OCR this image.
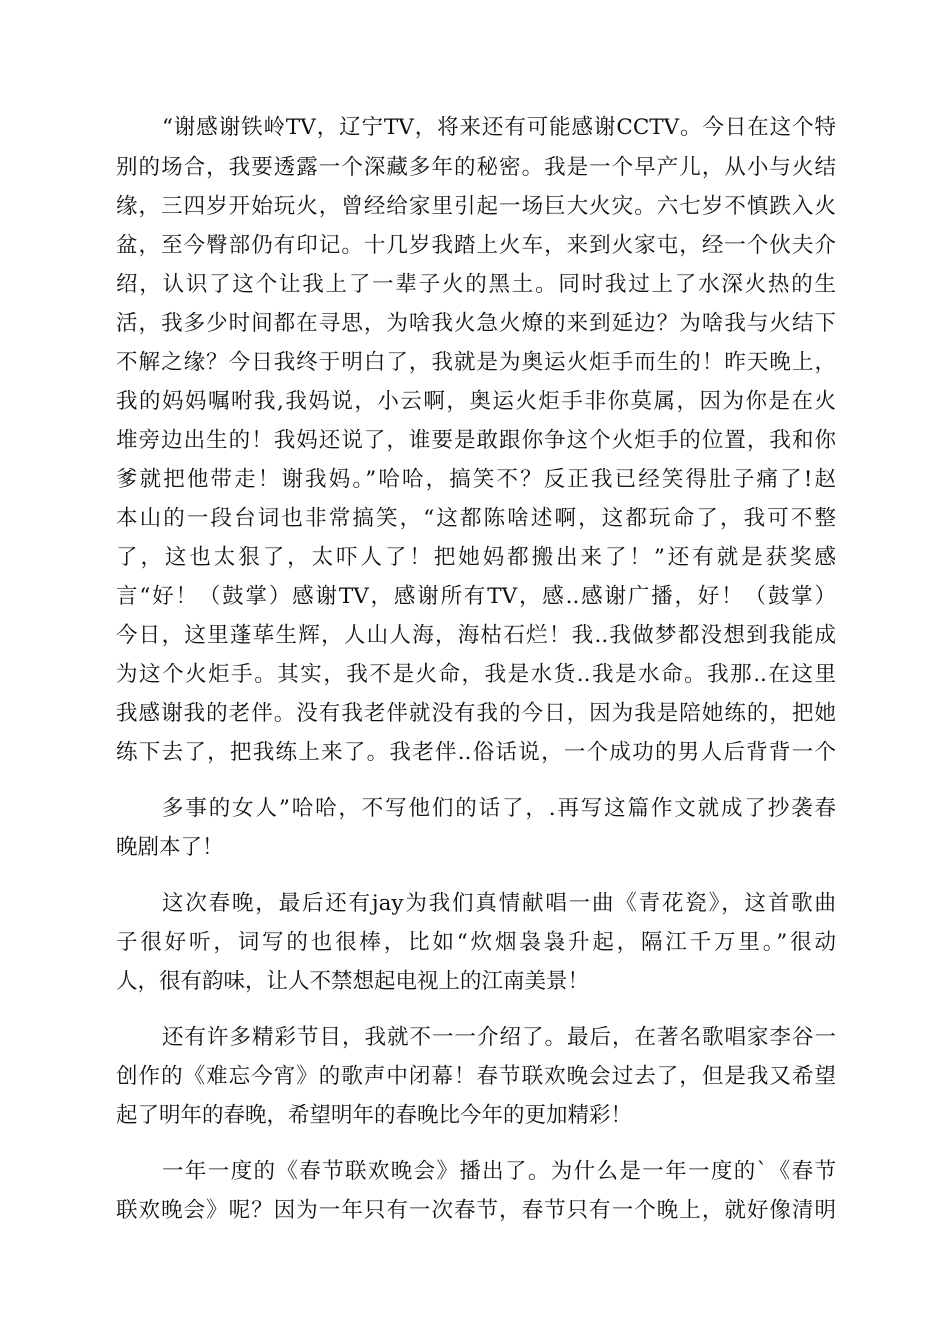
“谢感谢铁岭TV，辽宁TV，将来还有可能感谢CCTV。今日在这个特
别的场合，我要透露一个深藏多年的秘密。我是一个早产儿，从小与火结
缘，三四岁开始玩火，曾经给家里引起一场巨大火灾。六七岁不慎跌入火
盆，至今臀部仍有印记。十几岁我踏上火车，来到火家屯，经一个伙夫介
绍，认识了这个让我上了一辈子火的黑土。同时我过上了水深火热的生
活，我多少时间都在寻思，为啥我火急火燎的来到延边？为啥我与火结下
不解之缘？今日我终于明白了，我就是为奥运火炬手而生的！昨天晚上，
我的妈妈嘱咐我,我妈说，小云啊，奥运火炬手非你莫属，因为你是在火
堆旁边出生的！我妈还说了，谁要是敢跟你争这个火炬手的位置，我和你
爹就把他带走！谢我妈。”哈哈，搞笑不？反正我已经笑得肚子痛了!赵
本山的一段台词也非常搞笑，“这都陈啥述啊，这都玩命了，我可不整
了，这也太狠了，太吓人了！把她妈都搬出来了！”还有就是获奖感
言“好！（鼓掌）感谢TV，感谢所有TV，感..感谢广播，好！（鼓掌）
今日，这里蓬荜生辉，人山人海，海枯石烂！我..我做梦都没想到我能成
为这个火炬手。其实，我不是火命，我是水货..我是水命。我那..在这里
我感谢我的老伴。没有我老伴就没有我的今日，因为我是陪她练的，把她
练下去了，把我练上来了。我老伴..俗话说，一个成功的男人后背背一个
多事的女人”哈哈，不写他们的话了，.再写这篇作文就成了抄袭春
晚剧本了！
这次春晚，最后还有jay为我们真情献唱一曲《青花瓷》，这首歌曲
子很好听，词写的也很棒，比如“炊烟袅袅升起，隔江千万里。”很动
人，很有韵味，让人不禁想起电视上的江南美景！
还有许多精彩节目，我就不一一介绍了。最后，在著名歌唱家李谷一
创作的《难忘今宵》的歌声中闭幕！春节联欢晚会过去了，但是我又希望
起了明年的春晚，希望明年的春晚比今年的更加精彩！
一年一度的《春节联欢晚会》播出了。为什么是一年一度的`《春节
联欢晚会》呢？因为一年只有一次春节，春节只有一个晚上，就好像清明
